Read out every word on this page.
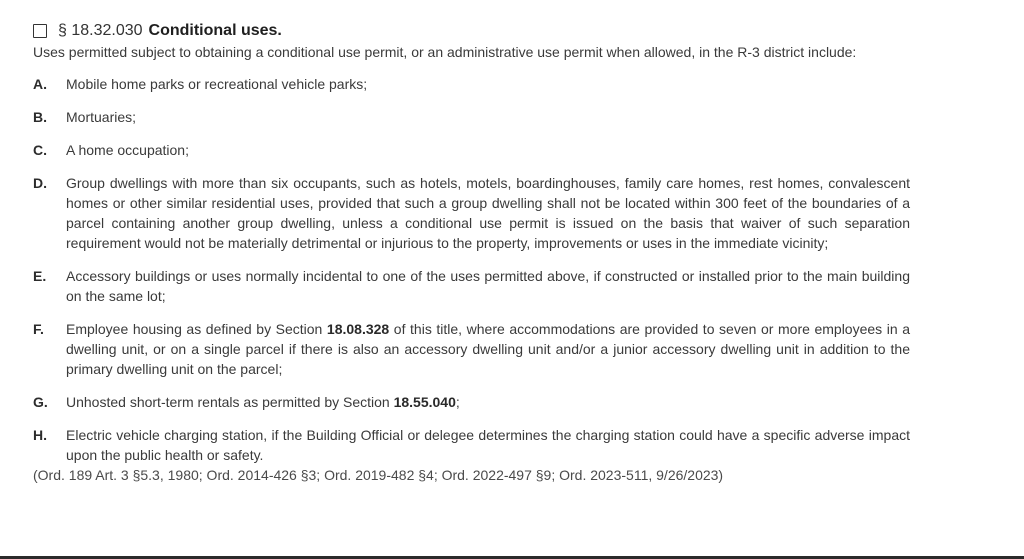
§ 18.32.030 Conditional uses.
Uses permitted subject to obtaining a conditional use permit, or an administrative use permit when allowed, in the R-3 district include:
A.	Mobile home parks or recreational vehicle parks;
B.	Mortuaries;
C.	A home occupation;
D.	Group dwellings with more than six occupants, such as hotels, motels, boardinghouses, family care homes, rest homes, convalescent homes or other similar residential uses, provided that such a group dwelling shall not be located within 300 feet of the boundaries of a parcel containing another group dwelling, unless a conditional use permit is issued on the basis that waiver of such separation requirement would not be materially detrimental or injurious to the property, improvements or uses in the immediate vicinity;
E.	Accessory buildings or uses normally incidental to one of the uses permitted above, if constructed or installed prior to the main building on the same lot;
F.	Employee housing as defined by Section 18.08.328 of this title, where accommodations are provided to seven or more employees in a dwelling unit, or on a single parcel if there is also an accessory dwelling unit and/or a junior accessory dwelling unit in addition to the primary dwelling unit on the parcel;
G.	Unhosted short-term rentals as permitted by Section 18.55.040;
H.	Electric vehicle charging station, if the Building Official or delegee determines the charging station could have a specific adverse impact upon the public health or safety.
(Ord. 189 Art. 3 §5.3, 1980; Ord. 2014-426 §3; Ord. 2019-482 §4; Ord. 2022-497 §9; Ord. 2023-511, 9/26/2023)
